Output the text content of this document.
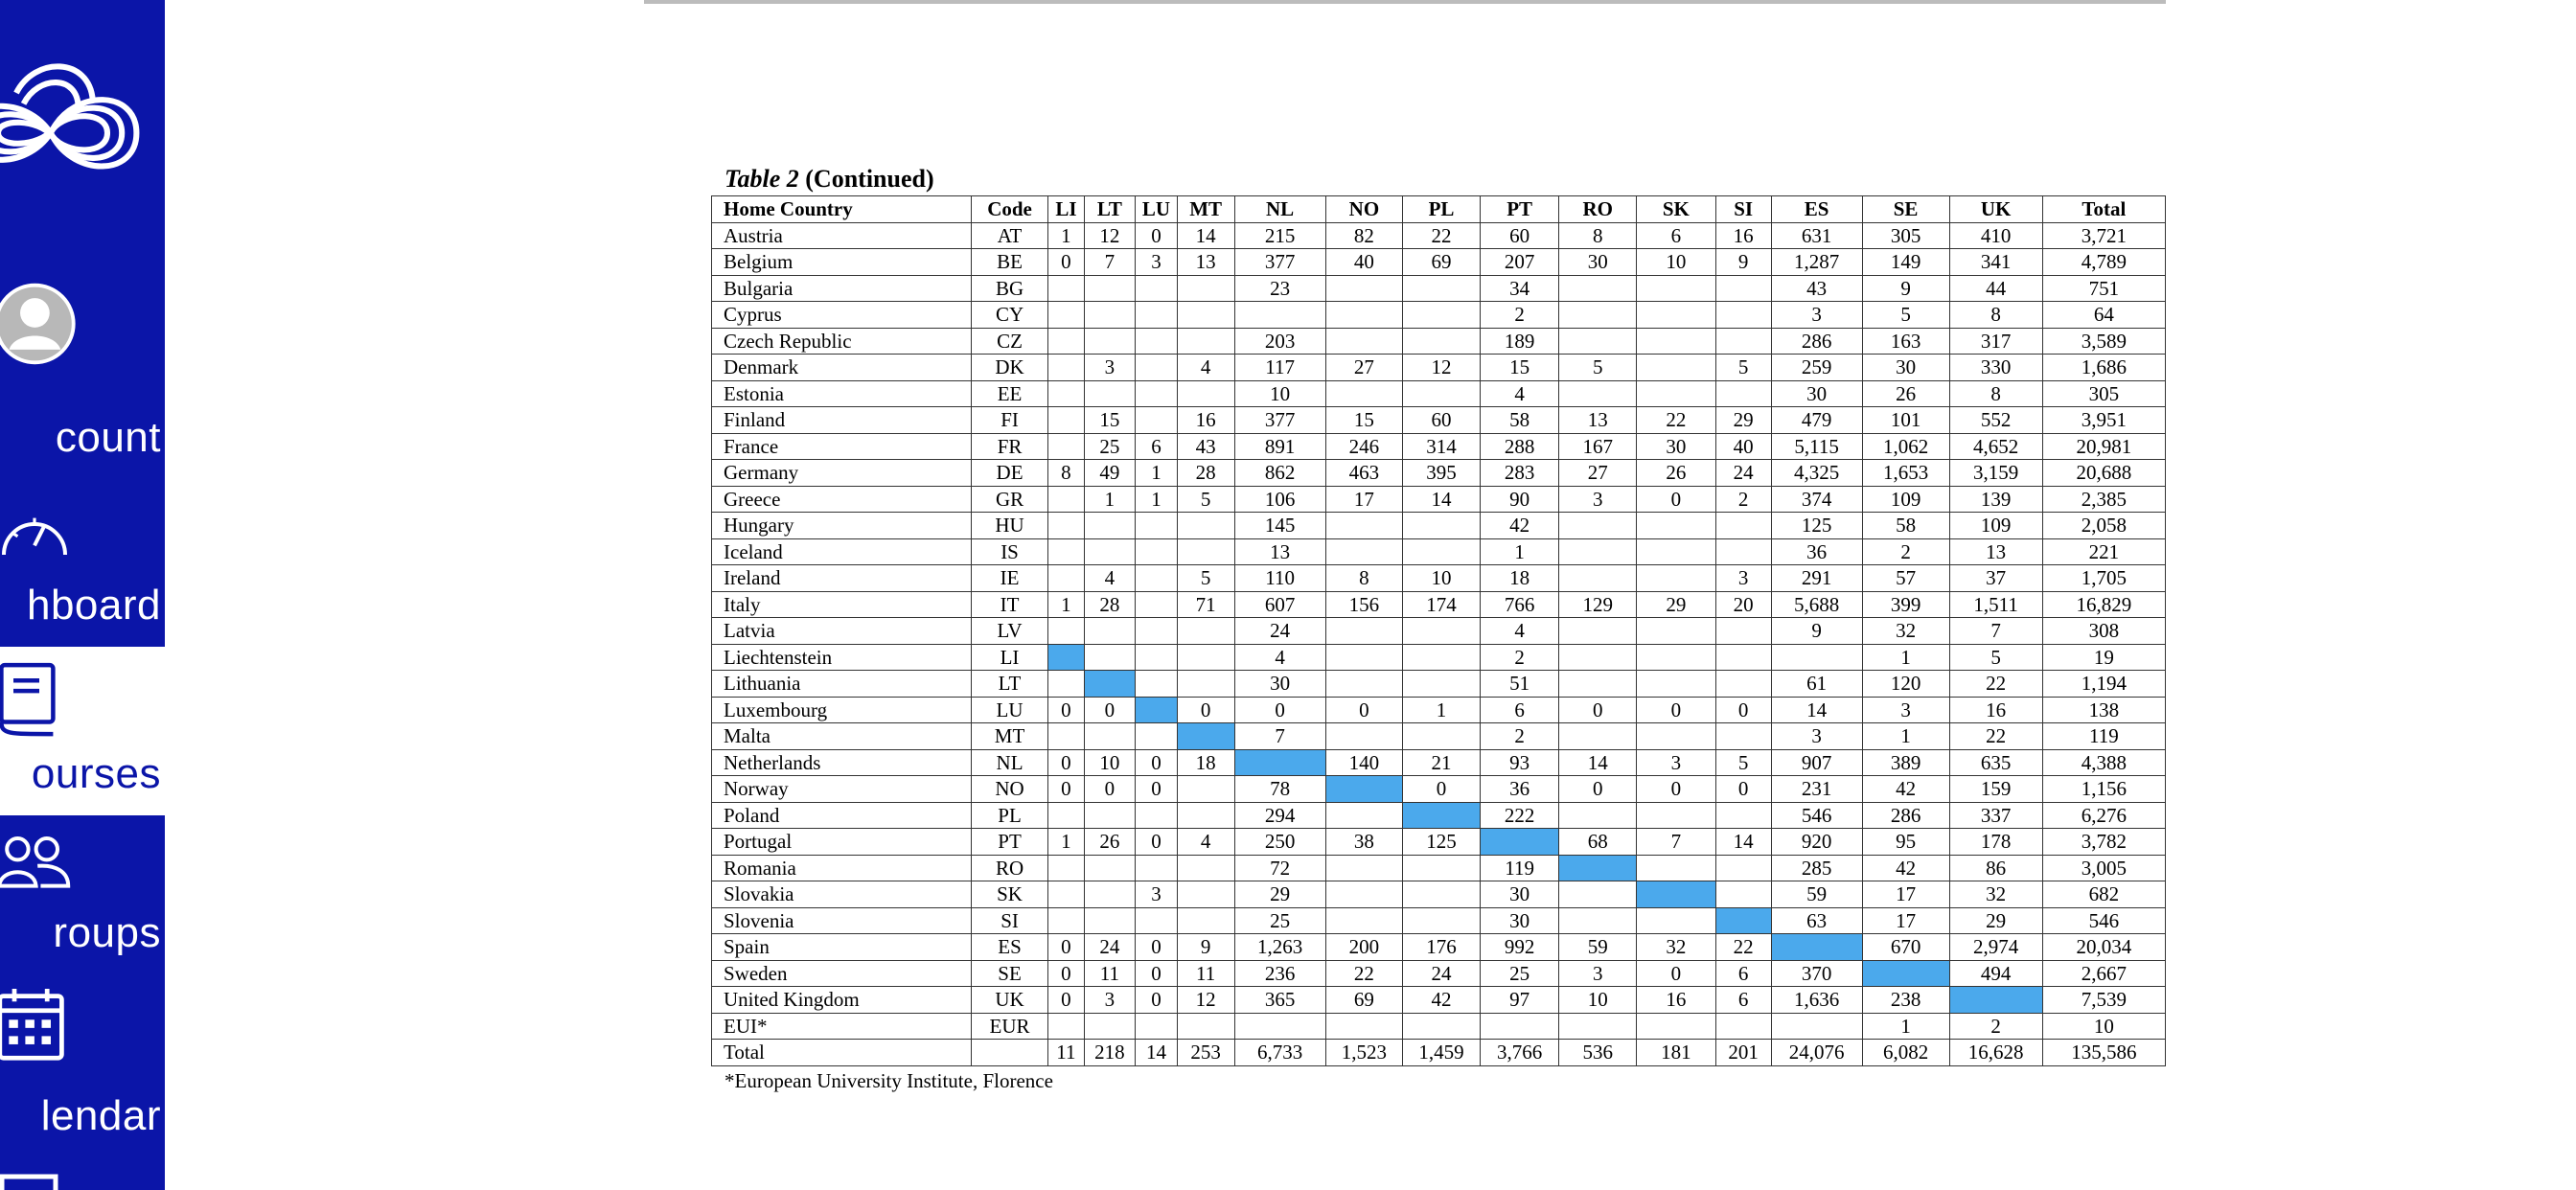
count
hboard
ourses
roups
lendar
Table 2 (Continued)
Home Country	Code	LI	LT	LU	MT	NL	NO	PL	PT	RO	SK	SI	ES	SE	UK	Total
Austria	AT	1	12	0	14	215	82	22	60	8	6	16	631	305	410	3,721
Belgium	BE	0	7	3	13	377	40	69	207	30	10	9	1,287	149	341	4,789
Bulgaria	BG					23			34				43	9	44	751
Cyprus	CY								2				3	5	8	64
Czech Republic	CZ					203			189				286	163	317	3,589
Denmark	DK		3		4	117	27	12	15	5		5	259	30	330	1,686
Estonia	EE					10			4				30	26	8	305
Finland	FI		15		16	377	15	60	58	13	22	29	479	101	552	3,951
France	FR		25	6	43	891	246	314	288	167	30	40	5,115	1,062	4,652	20,981
Germany	DE	8	49	1	28	862	463	395	283	27	26	24	4,325	1,653	3,159	20,688
Greece	GR		1	1	5	106	17	14	90	3	0	2	374	109	139	2,385
Hungary	HU					145			42				125	58	109	2,058
Iceland	IS					13			1				36	2	13	221
Ireland	IE		4		5	110	8	10	18			3	291	57	37	1,705
Italy	IT	1	28		71	607	156	174	766	129	29	20	5,688	399	1,511	16,829
Latvia	LV					24			4				9	32	7	308
Liechtenstein	LI					4			2					1	5	19
Lithuania	LT					30			51				61	120	22	1,194
Luxembourg	LU	0	0		0	0	0	1	6	0	0	0	14	3	16	138
Malta	MT					7			2				3	1	22	119
Netherlands	NL	0	10	0	18		140	21	93	14	3	5	907	389	635	4,388
Norway	NO	0	0	0		78		0	36	0	0	0	231	42	159	1,156
Poland	PL					294			222				546	286	337	6,276
Portugal	PT	1	26	0	4	250	38	125		68	7	14	920	95	178	3,782
Romania	RO					72			119				285	42	86	3,005
Slovakia	SK			3		29			30				59	17	32	682
Slovenia	SI					25			30				63	17	29	546
Spain	ES	0	24	0	9	1,263	200	176	992	59	32	22		670	2,974	20,034
Sweden	SE	0	11	0	11	236	22	24	25	3	0	6	370		494	2,667
United Kingdom	UK	0	3	0	12	365	69	42	97	10	16	6	1,636	238		7,539
EUI*	EUR													1	2	10
Total		11	218	14	253	6,733	1,523	1,459	3,766	536	181	201	24,076	6,082	16,628	135,586
*European University Institute, Florence
